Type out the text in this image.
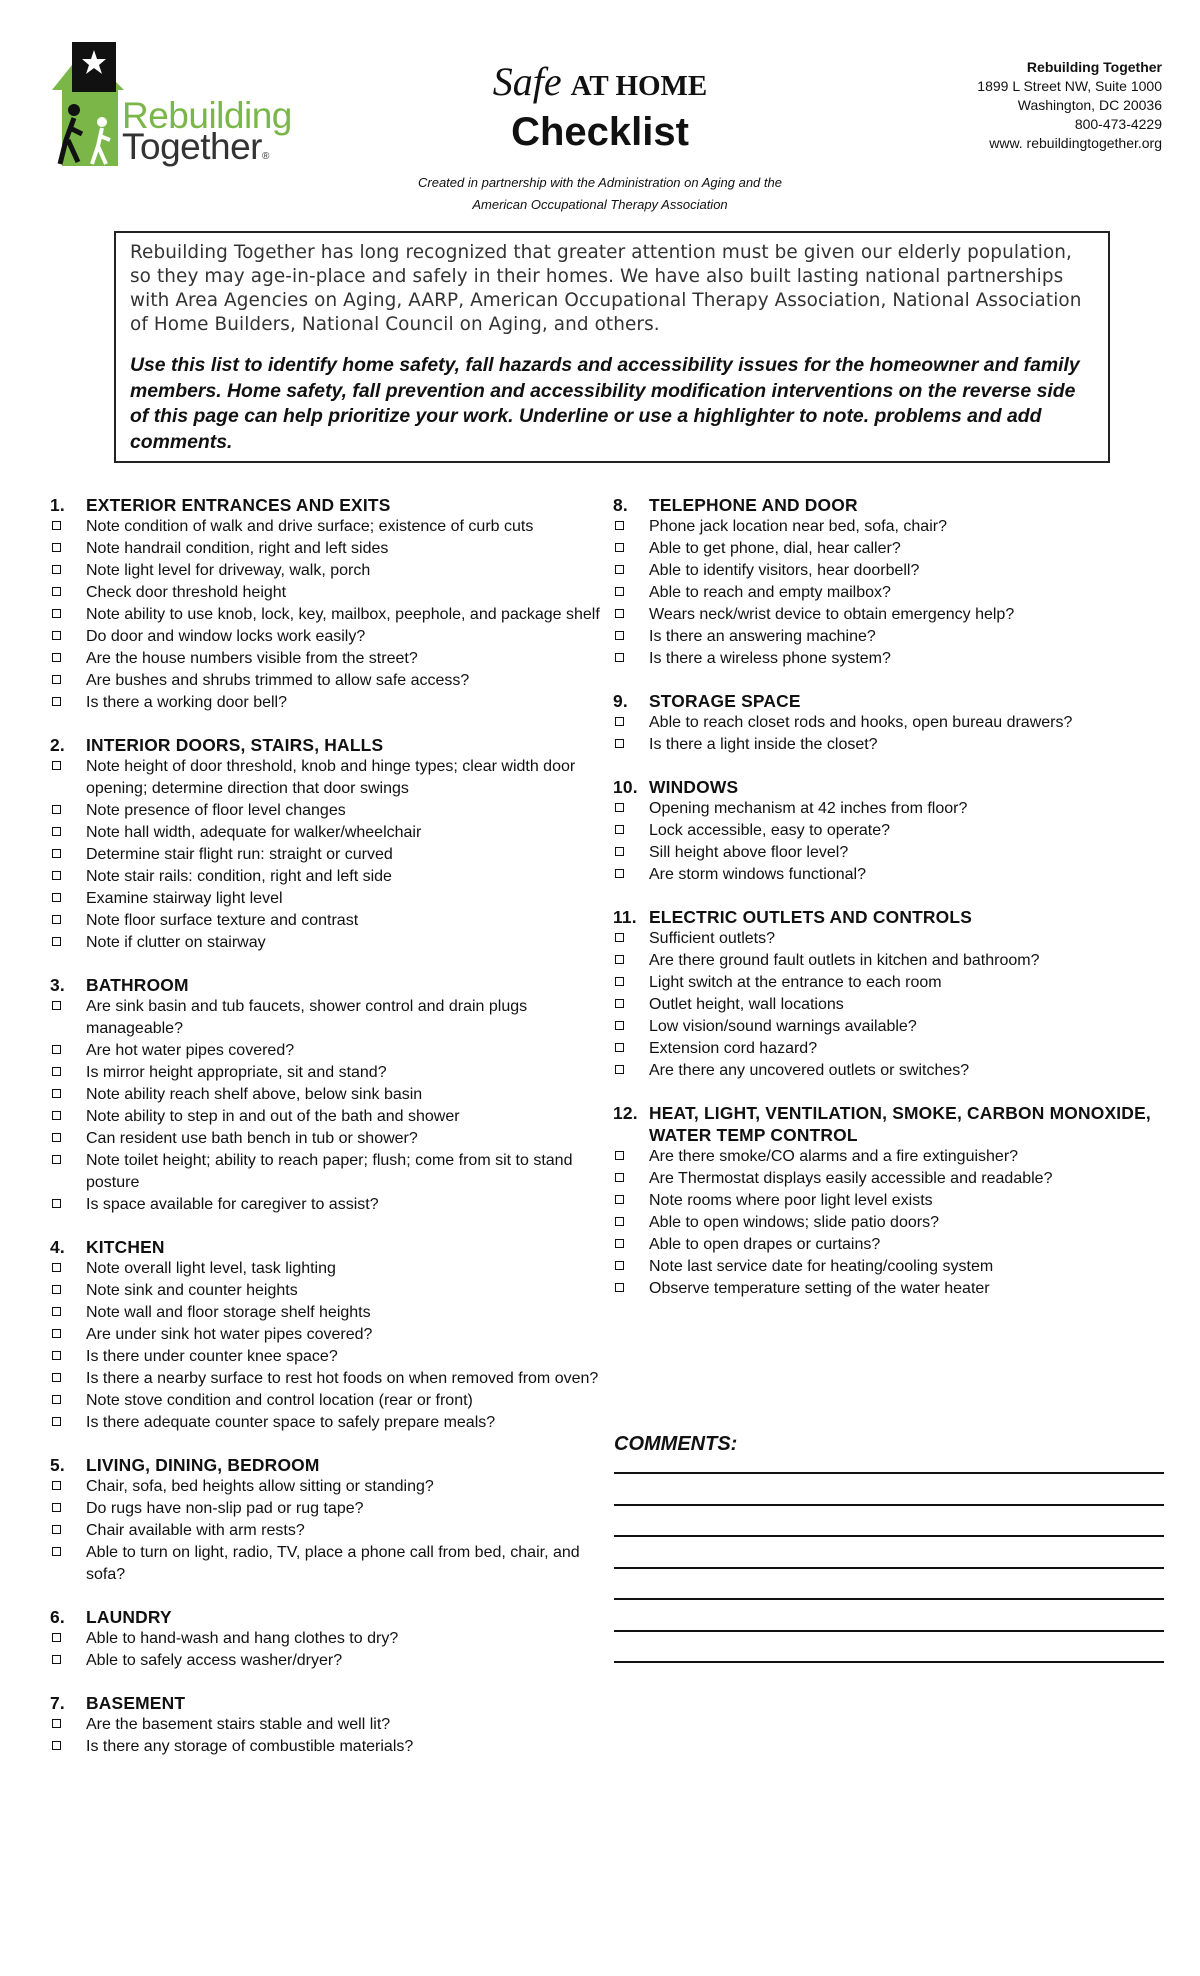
Rebuilding
Together®
Safe AT HOME
Checklist
Created in partnership with the Administration on Aging and the
American Occupational Therapy Association
Rebuilding Together
1899 L Street NW, Suite 1000
Washington, DC 20036
800-473-4229
www. rebuildingtogether.org

Rebuilding Together has long recognized that greater attention must be given our elderly population, so they may age-in-place and safely in their homes. We have also built lasting national partnerships with Area Agencies on Aging, AARP, American Occupational Therapy Association, National Association of Home Builders, National Council on Aging, and others.

Use this list to identify home safety, fall hazards and accessibility issues for the homeowner and family members. Home safety, fall prevention and accessibility modification interventions on the reverse side of this page can help prioritize your work. Underline or use a highlighter to note. problems and add comments.

1.	EXTERIOR ENTRANCES AND EXITS
Note condition of walk and drive surface; existence of curb cuts
Note handrail condition, right and left sides
Note light level for driveway, walk, porch
Check door threshold height
Note ability to use knob, lock, key, mailbox, peephole, and package shelf
Do door and window locks work easily?
Are the house numbers visible from the street?
Are bushes and shrubs trimmed to allow safe access?
Is there a working door bell?
2.	INTERIOR DOORS, STAIRS, HALLS
Note height of door threshold, knob and hinge types; clear width door opening; determine direction that door swings
Note presence of floor level changes
Note hall width, adequate for walker/wheelchair
Determine stair flight run: straight or curved
Note stair rails: condition, right and left side
Examine stairway light level
Note floor surface texture and contrast
Note if clutter on stairway
3.	BATHROOM
Are sink basin and tub faucets, shower control and drain plugs manageable?
Are hot water pipes covered?
Is mirror height appropriate, sit and stand?
Note ability reach shelf above, below sink basin
Note ability to step in and out of the bath and shower
Can resident use bath bench in tub or shower?
Note toilet height; ability to reach paper; flush; come from sit to stand posture
Is space available for caregiver to assist?
4.	KITCHEN
Note overall light level, task lighting
Note sink and counter heights
Note wall and floor storage shelf heights
Are under sink hot water pipes covered?
Is there under counter knee space?
Is there a nearby surface to rest hot foods on when removed from oven?
Note stove condition and control location (rear or front)
Is there adequate counter space to safely prepare meals?
5.	LIVING, DINING, BEDROOM
Chair, sofa, bed heights allow sitting or standing?
Do rugs have non-slip pad or rug tape?
Chair available with arm rests?
Able to turn on light, radio, TV, place a phone call from bed, chair, and sofa?
6.	LAUNDRY
Able to hand-wash and hang clothes to dry?
Able to safely access washer/dryer?
7.	BASEMENT
Are the basement stairs stable and well lit?
Is there any storage of combustible materials?
8.	TELEPHONE AND DOOR
Phone jack location near bed, sofa, chair?
Able to get phone, dial, hear caller?
Able to identify visitors, hear doorbell?
Able to reach and empty mailbox?
Wears neck/wrist device to obtain emergency help?
Is there an answering machine?
Is there a wireless phone system?
9.	STORAGE SPACE
Able to reach closet rods and hooks, open bureau drawers?
Is there a light inside the closet?
10. WINDOWS
Opening mechanism at 42 inches from floor?
Lock accessible, easy to operate?
Sill height above floor level?
Are storm windows functional?
11. ELECTRIC OUTLETS AND CONTROLS
Sufficient outlets?
Are there ground fault outlets in kitchen and bathroom?
Light switch at the entrance to each room
Outlet height, wall locations
Low vision/sound warnings available?
Extension cord hazard?
Are there any uncovered outlets or switches?
12. HEAT, LIGHT, VENTILATION, SMOKE, CARBON MONOXIDE, WATER TEMP CONTROL
Are there smoke/CO alarms and a fire extinguisher?
Are Thermostat displays easily accessible and readable?
Note rooms where poor light level exists
Able to open windows; slide patio doors?
Able to open drapes or curtains?
Note last service date for heating/cooling system
Observe temperature setting of the water heater
COMMENTS:
